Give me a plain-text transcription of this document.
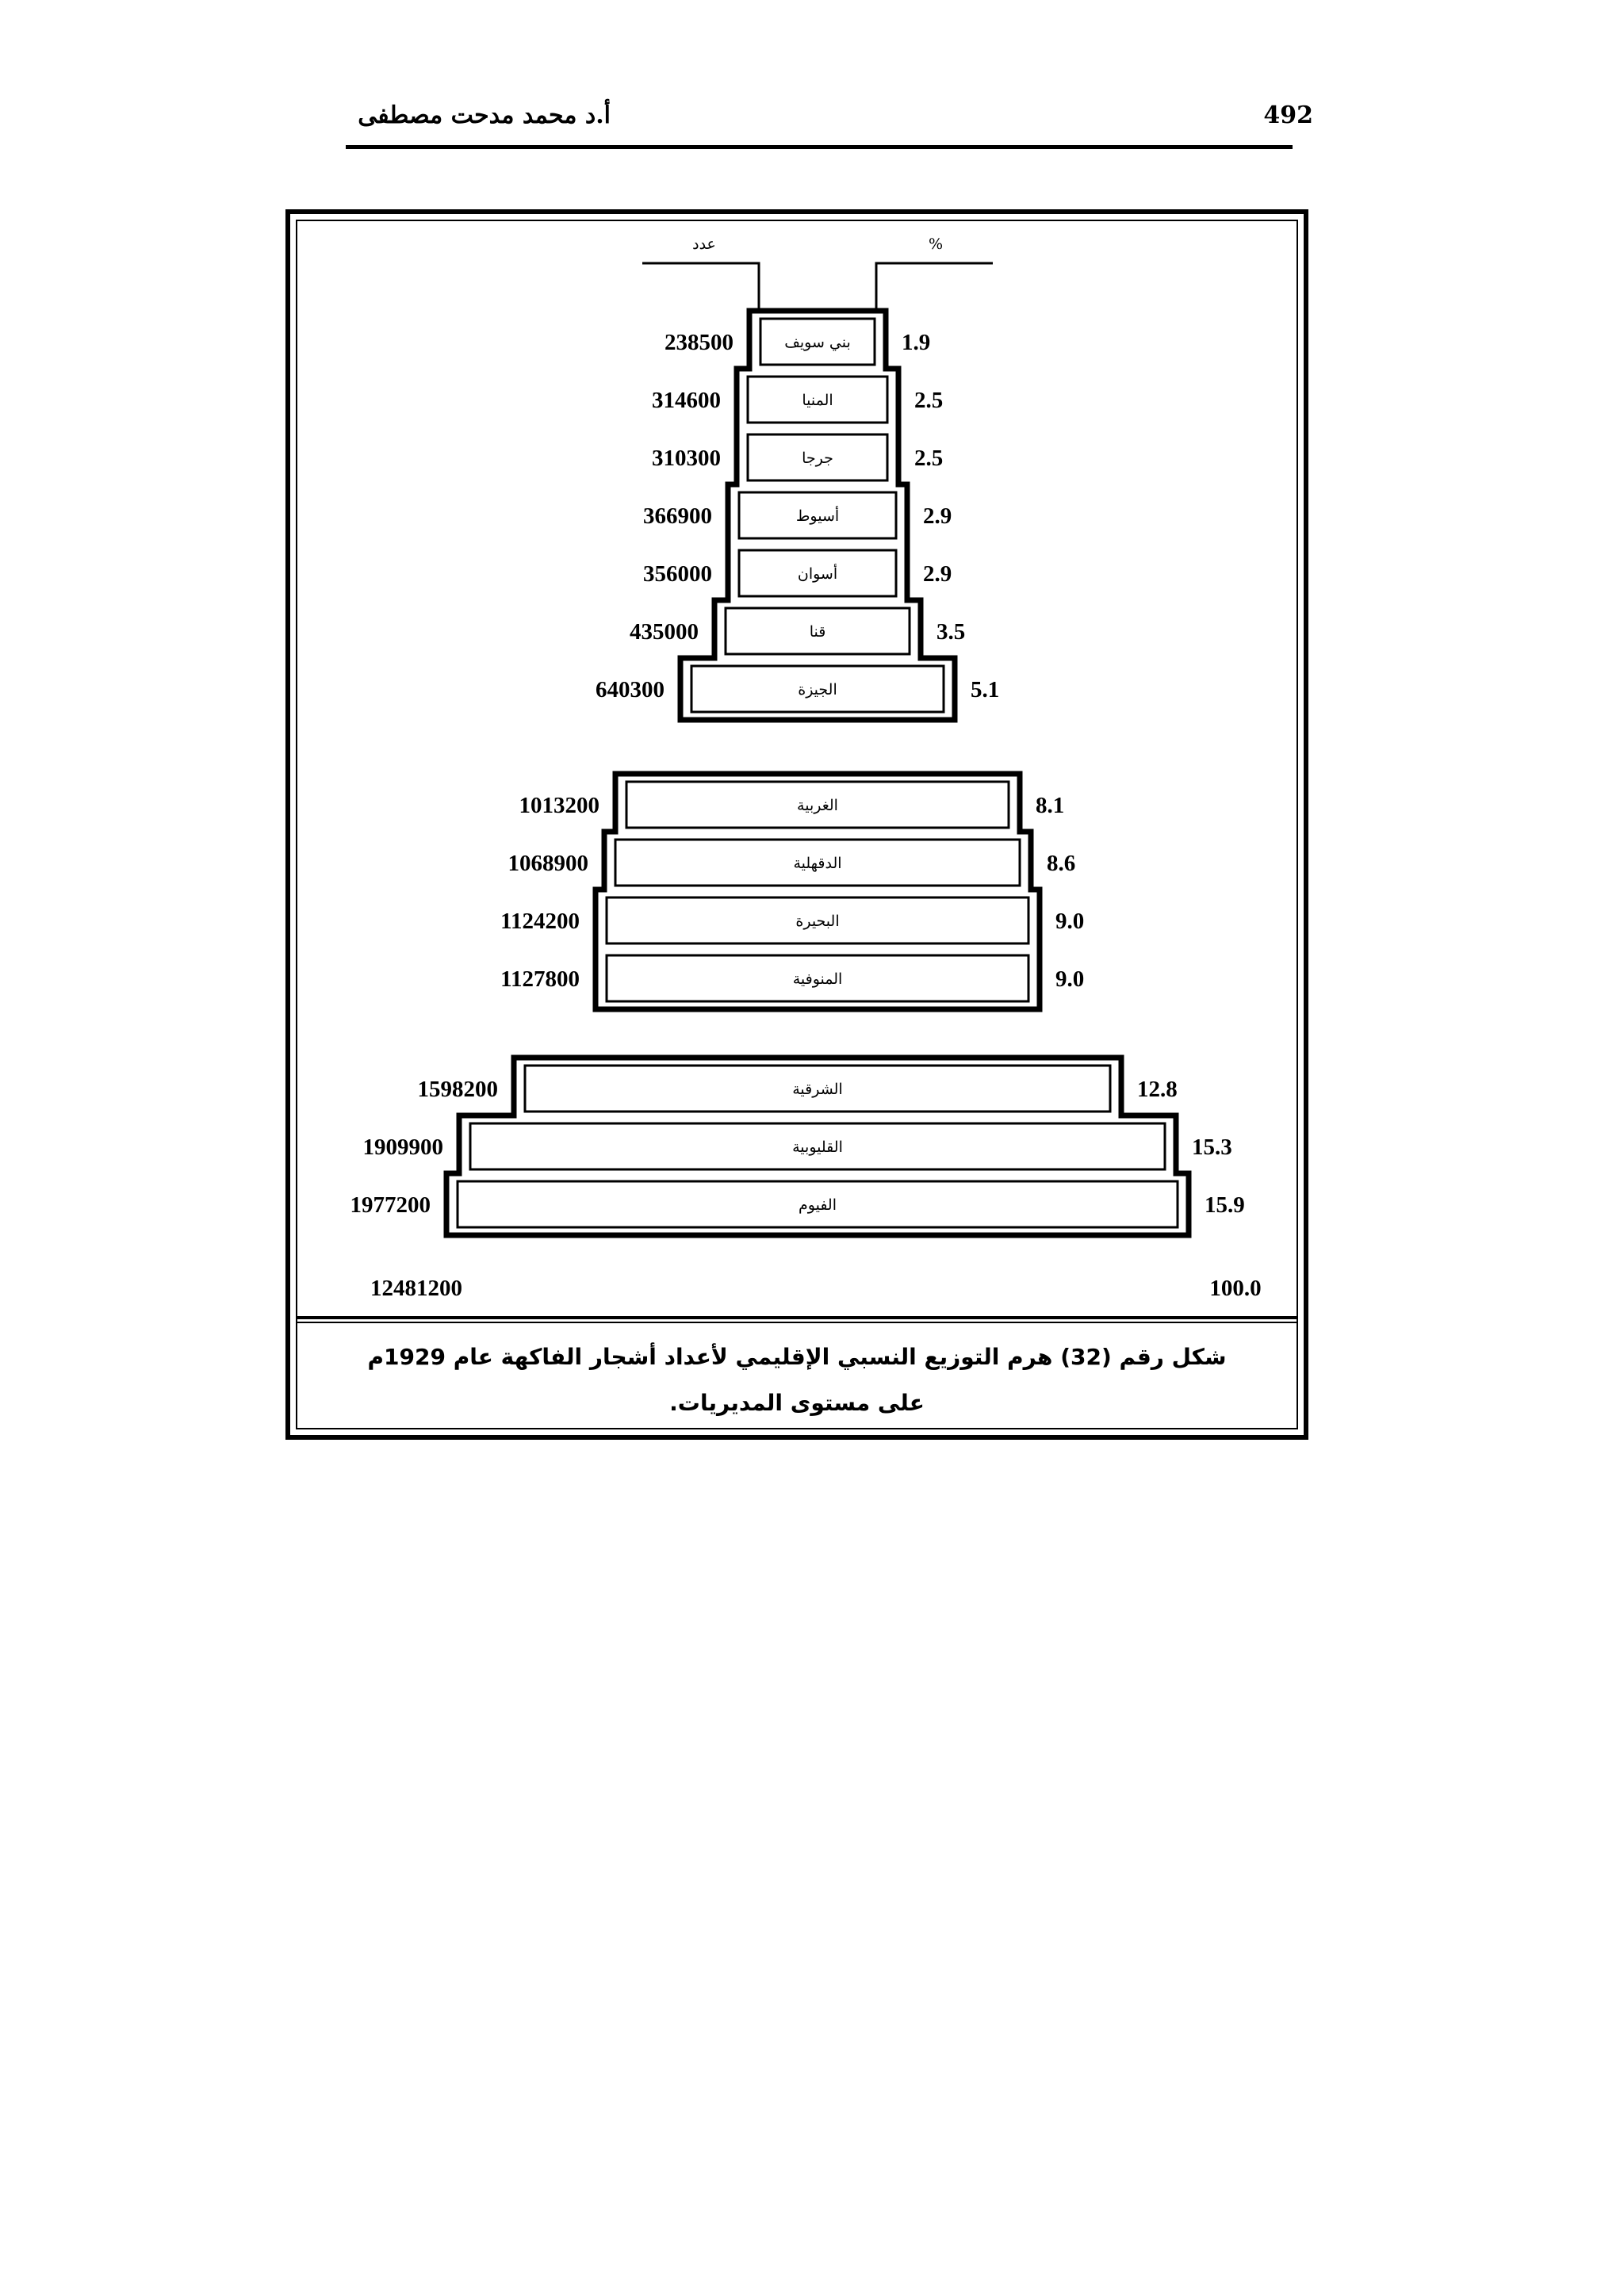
492
أ.د محمد مدحت مصطفى
عدد	%
بني سويف
238500	1.9
المنيا
314600	2.5
جرجا
310300	2.5
أسيوط
366900	2.9
أسوان
356000	2.9
قنا
435000	3.5
الجيزة
640300	5.1
الغربية
1013200	8.1
الدقهلية
1068900	8.6
البحيرة
1124200	9.0
المنوفية
1127800	9.0
الشرقية
1598200	12.8
القليوبية
1909900	15.3
الفيوم
1977200	15.9
12481200	100.0
شكل رقم (32) هرم التوزيع النسبي الإقليمي لأعداد أشجار الفاكهة عام 1929م
على مستوى المديريات.
